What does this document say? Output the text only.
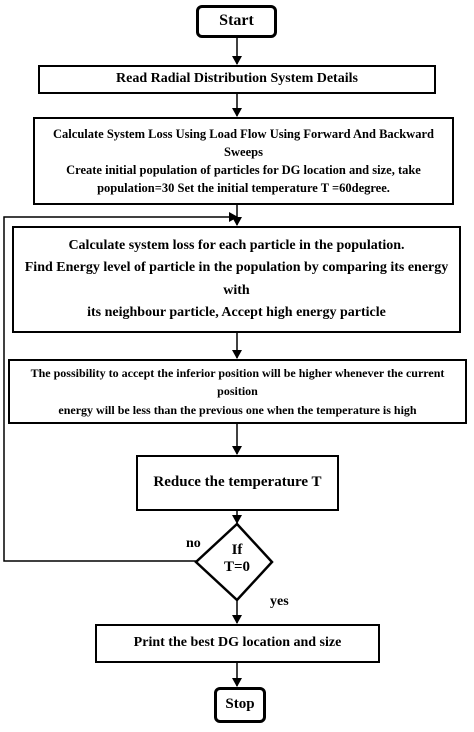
Start
Read Radial Distribution System Details
Calculate System Loss Using Load Flow Using Forward And Backward Sweeps
Create initial population of particles for DG location and size, take
population=30 Set the initial temperature T =60degree.
Calculate system loss for each particle in the population.
Find Energy level of particle in the population by comparing its energy with
its neighbour particle, Accept high energy particle
The possibility to accept the inferior position will be higher whenever the current position
energy will be less than the previous one when the temperature is high
Reduce the temperature T
If
T=0
no
yes
Print the best DG location and size
Stop
